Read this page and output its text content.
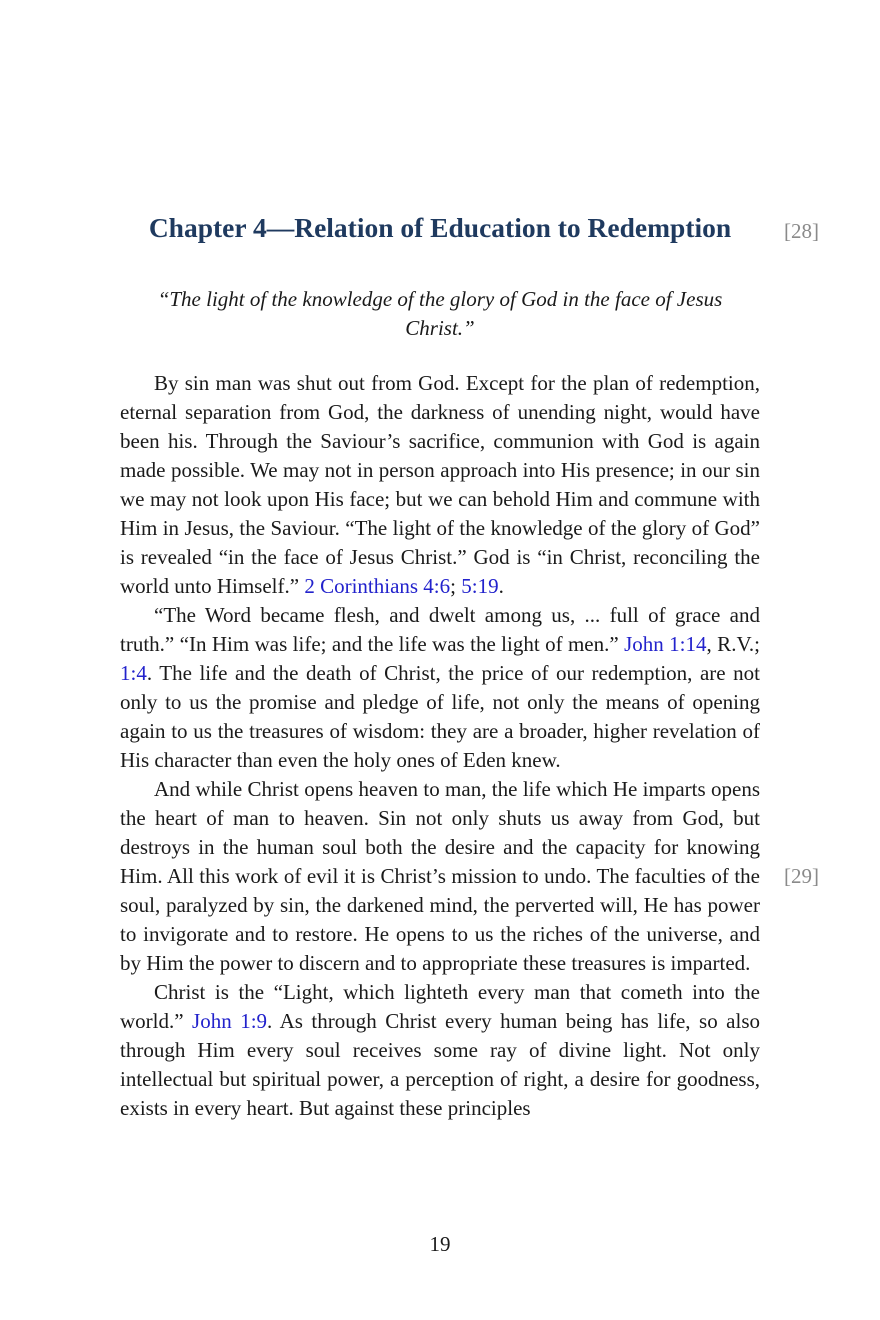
Chapter 4—Relation of Education to Redemption	[28]
“The light of the knowledge of the glory of God in the face of Jesus
Christ.”

By sin man was shut out from God. Except for the plan of redemption, eternal separation from God, the darkness of unending night, would have been his. Through the Saviour’s sacrifice, communion with God is again made possible. We may not in person approach into His presence; in our sin we may not look upon His face; but we can behold Him and commune with Him in Jesus, the Saviour. “The light of the knowledge of the glory of God” is revealed “in the face of Jesus Christ.” God is “in Christ, reconciling the world unto Himself.” 2 Corinthians 4:6; 5:19.

“The Word became flesh, and dwelt among us, ... full of grace and truth.” “In Him was life; and the life was the light of men.” John 1:14, R.V.; 1:4. The life and the death of Christ, the price of our redemption, are not only to us the promise and pledge of life, not only the means of opening again to us the treasures of wisdom: they are a broader, higher revelation of His character than even the holy ones of Eden knew.

And while Christ opens heaven to man, the life which He imparts opens the heart of man to heaven. Sin not only shuts us away from God, but destroys in the human soul both the desire and the capacity for knowing Him. All this work of evil it is Christ’s mission to undo. The faculties of the soul, paralyzed by sin, the darkened mind, the perverted will, He has power to invigorate and to restore. He opens to us the riches of the universe, and by Him the power to discern and to appropriate these treasures is imparted.

Christ is the “Light, which lighteth every man that cometh into the world.” John 1:9. As through Christ every human being has life, so also through Him every soul receives some ray of divine light. Not only intellectual but spiritual power, a perception of right, a desire for goodness, exists in every heart. But against these principles

[29]
19
